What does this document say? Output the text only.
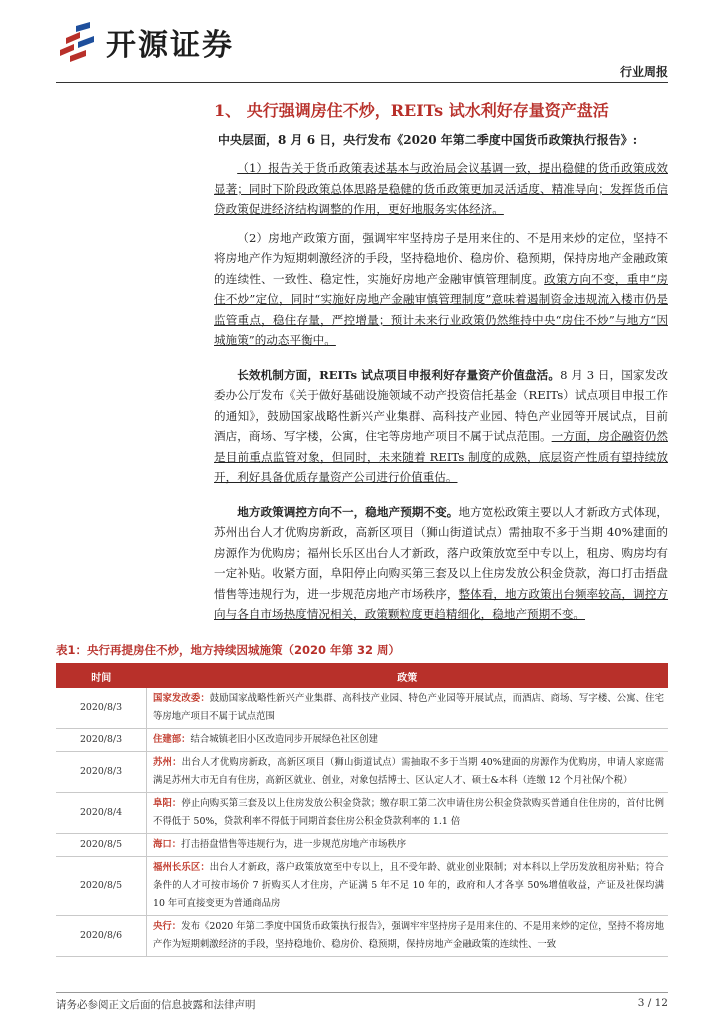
开源证券
行业周报
1、 央行强调房住不炒，REITs 试水利好存量资产盘活
中央层面，8 月 6 日，央行发布《2020 年第二季度中国货币政策执行报告》:

（1）报告关于货币政策表述基本与政治局会议基调一致，提出稳健的货币政策成效显著；同时下阶段政策总体思路是稳健的货币政策更加灵活适度、精准导向；发挥货币信贷政策促进经济结构调整的作用，更好地服务实体经济。

（2）房地产政策方面，强调牢牢坚持房子是用来住的、不是用来炒的定位，坚持不将房地产作为短期刺激经济的手段，坚持稳地价、稳房价、稳预期，保持房地产金融政策的连续性、一致性、稳定性，实施好房地产金融审慎管理制度。政策方向不变，重申“房住不炒”定位，同时“实施好房地产金融审慎管理制度”意味着遏制资金违规流入楼市仍是监管重点，稳住存量，严控增量；预计未来行业政策仍然维持中央“房住不炒”与地方“因城施策”的动态平衡中。

长效机制方面，REITs 试点项目申报利好存量资产价值盘活。8 月 3 日，国家发改委办公厅发布《关于做好基础设施领域不动产投资信托基金（REITs）试点项目申报工作的通知》，鼓励国家战略性新兴产业集群、高科技产业园、特色产业园等开展试点，目前酒店，商场、写字楼，公寓，住宅等房地产项目不属于试点范围。一方面，房企融资仍然是目前重点监管对象，但同时，未来随着 REITs 制度的成熟，底层资产性质有望持续放开，利好具备优质存量资产公司进行价值重估。

地方政策调控方向不一，稳地产预期不变。地方宽松政策主要以人才新政方式体现，苏州出台人才优购房新政，高新区项目（狮山街道试点）需抽取不多于当期 40%建面的房源作为优购房；福州长乐区出台人才新政，落户政策放宽至中专以上，租房、购房均有一定补贴。收紧方面，阜阳停止向购买第三套及以上住房发放公积金贷款，海口打击捂盘惜售等违规行为，进一步规范房地产市场秩序，整体看，地方政策出台频率较高，调控方向与各自市场热度情况相关，政策颗粒度更趋精细化，稳地产预期不变。

表1：央行再提房住不炒，地方持续因城施策（2020 年第 32 周）
时间	政策
2020/8/3	国家发改委：鼓励国家战略性新兴产业集群、高科技产业园、特色产业园等开展试点，而酒店、商场、写字楼、公寓、住宅等房地产项目不属于试点范围
2020/8/3	住建部：结合城镇老旧小区改造同步开展绿色社区创建
2020/8/3	苏州：出台人才优购房新政，高新区项目（狮山街道试点）需抽取不多于当期 40%建面的房源作为优购房，申请人家庭需满足苏州大市无自有住房，高新区就业、创业，对象包括博士、区认定人才、硕士&本科（连缴 12 个月社保/个税）
2020/8/4	阜阳：停止向购买第三套及以上住房发放公积金贷款；缴存职工第二次申请住房公积金贷款购买普通自住住房的，首付比例不得低于 50%，贷款利率不得低于同期首套住房公积金贷款利率的 1.1 倍
2020/8/5	海口：打击捂盘惜售等违规行为，进一步规范房地产市场秩序
2020/8/5	福州长乐区：出台人才新政，落户政策放宽至中专以上，且不受年龄、就业创业限制；对本科以上学历发放租房补贴；符合条件的人才可按市场价 7 折购买人才住房，产证满 5 年不足 10 年的，政府和人才各享 50%增值收益，产证及社保均满 10 年可直接变更为普通商品房
2020/8/6	央行：发布《2020 年第二季度中国货币政策执行报告》，强调牢牢坚持房子是用来住的、不是用来炒的定位，坚持不将房地产作为短期刺激经济的手段，坚持稳地价、稳房价、稳预期，保持房地产金融政策的连续性、一致
请务必参阅正文后面的信息披露和法律声明	3 / 12
